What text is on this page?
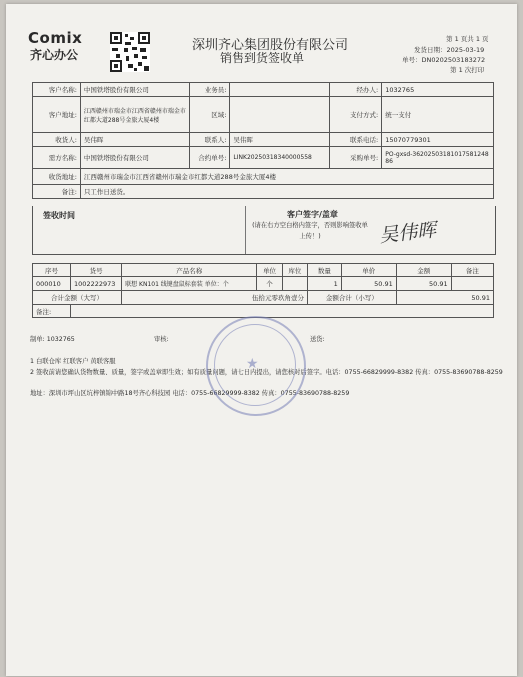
Comix
齐心办公
深圳齐心集团股份有限公司
销售到货签收单
第 1 页共 1 页
发货日期：2025-03-19
单号：DN0202503183272
第 1 次打印
客户名称:	中国铁塔股份有限公司	业务员:		经办人:	1032765
客户地址:	江西赣州市瑞金市江西省赣州市瑞金市红都大道288号金旅大厦4楼	区域:		支付方式:	统一支付
收货人:	吴伟晖	联系人:	吴伟晖	联系电话:	15070779301
需方名称:	中国铁塔股份有限公司	合约单号:	LINK20250318340000558	采购单号:	PO-gxsd-36202503181017581248​86
收货地址:	江西赣州市瑞金市江西省赣州市瑞金市红都大道288号金旅大厦4楼				
备注:	只工作日送货。				
签收时间	客户签字/盖章
(请在右方空白格内签字，否则影响签收单上传！)	吴伟晖
序号	货号	产品名称	单位	库位	数量	单价	金额	备注
000010	1002222973	联想 KN101 线键盘鼠标套装 单位：个	个		1	50.91	50.91	
合计金额（大写）		伍拾元零玖角壹分			金额合计（小写）		50.91	
备注:								
制单: 1032765	审核:	送货:
1 白联仓库 红联客户 黄联客服
2 签收前请您确认货物数量、质量，签字或盖章即生效；如有质量问题，请七日内提出，请您核对后签字。电话：0755-66829999-8382 传真：0755-83690788-8259
地址：深圳市坪山区坑梓镇锦中路18号齐心科技园 电话：0755-66829999-8382 传真：0755-83690788-8259
★
